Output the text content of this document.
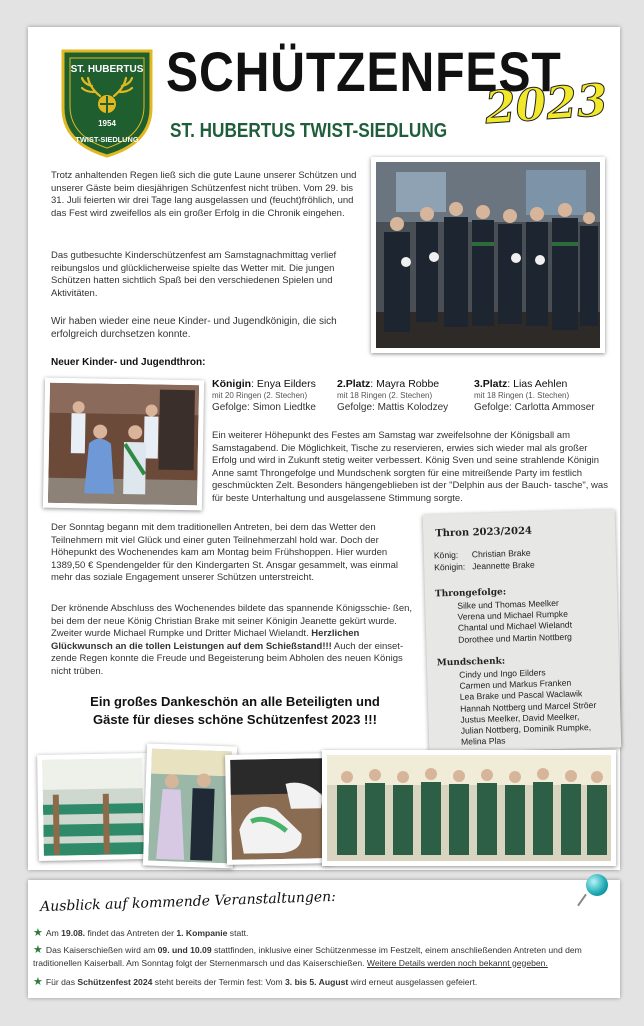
ST. HUBERTUS
1954
TWIST-SIEDLUNG
SCHÜTZENFEST
2023
ST. HUBERTUS TWIST-SIEDLUNG

Trotz anhaltenden Regen ließ sich die gute Laune unserer Schützen und unserer Gäste beim diesjährigen Schützenfest nicht trüben. Vom 29. bis 31. Juli feierten wir drei Tage lang ausgelassen und (feucht)fröhlich, und das Fest wird zweifellos als ein großer Erfolg in die Chronik eingehen.

Das gutbesuchte Kinderschützenfest am Samstagnachmittag verlief reibungslos und glücklicherweise spielte das Wetter mit. Die jungen Schützen hatten sichtlich Spaß bei den verschiedenen Spielen und Aktivitäten.

Wir haben wieder eine neue Kinder- und Jugendkönigin, die sich erfolgreich durchsetzen konnte.

Neuer Kinder- und Jugendthron:
Königin: Enya Eilders
mit 20 Ringen (2. Stechen)
Gefolge: Simon Liedtke
2.Platz: Mayra Robbe
mit 18 Ringen (2. Stechen)
Gefolge: Mattis Kolodzey
3.Platz: Lias Aehlen
mit 18 Ringen (1. Stechen)
Gefolge: Carlotta Ammoser

Ein weiterer Höhepunkt des Festes am Samstag war zweifelsohne der Königsball am Samstagabend. Die Möglichkeit, Tische zu reservieren, erwies sich wieder mal als großer Erfolg und wird in Zukunft stetig weiter verbessert. König Sven und seine strahlende Königin Anne samt Throngefolge und Mundschenk sorgten für eine mitreißende Party im festlich geschmückten Zelt. Besonders hängengeblieben ist der "Delphin aus der Bauch- tasche", was für beste Unterhaltung und ausgelassene Stimmung sorgte.

Der Sonntag begann mit dem traditionellen Antreten, bei dem das Wetter den Teilnehmern mit viel Glück und einer guten Teilnehmerzahl hold war. Doch der Höhepunkt des Wochenendes kam am Montag beim Frühshoppen. Hier wurden 1389,50 € Spendengelder für den Kindergarten St. Ansgar gesammelt, was einmal mehr das soziale Engagement unserer Schützen unterstreicht.

Der krönende Abschluss des Wochenendes bildete das spannende Königsschie- ßen, bei dem der neue König Christian Brake mit seiner Königin Jeanette gekürt wurde. Zweiter wurde Michael Rumpke und Dritter Michael Wielandt. Herzlichen Glückwunsch an die tollen Leistungen auf dem Schießstand!!! Auch der einset- zende Regen konnte die Freude und Begeisterung beim Abholen des neuen Königs nicht trüben.

Ein großes Dankeschön an alle Beteiligten und
Gäste für dieses schöne Schützenfest 2023 !!!
Thron 2023/2024
König: Christian Brake
Königin: Jeannette Brake
Throngefolge:
Silke und Thomas Meelker
Verena und Michael Rumpke
Chantal und Michael Wielandt
Dorothee und Martin Nottberg
Mundschenk:
Cindy und Ingo Eilders
Carmen und Markus Franken
Lea Brake und Pascal Waclawik
Hannah Nottberg und Marcel Ströer
Justus Meelker, David Meelker,
Julian Nottberg, Dominik Rumpke,
Melina Plas
Ausblick auf kommende Veranstaltungen:
★ Am 19.08. findet das Antreten der 1. Kompanie statt.
★ Das Kaiserschießen wird am 09. und 10.09 stattfinden, inklusive einer Schützenmesse im Festzelt, einem anschließenden Antreten und dem traditionellen Kaiserball. Am Sonntag folgt der Sternenmarsch und das Kaiserschießen. Weitere Details werden noch bekannt gegeben.
★ Für das Schützenfest 2024 steht bereits der Termin fest: Vom 3. bis 5. August wird erneut ausgelassen gefeiert.
